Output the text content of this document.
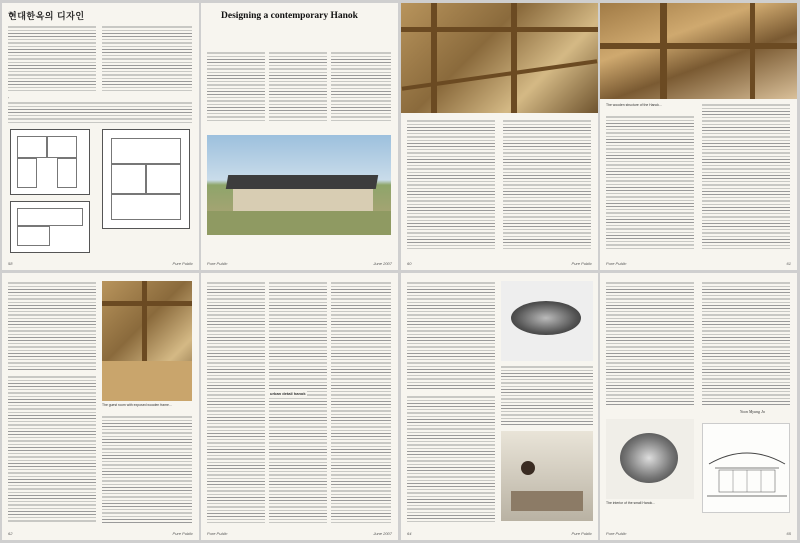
현대한옥의 디자인
·
58	Pure Public
Designing a contemporary Hanok
Pure Public	June 2007	60	Pure Public
The wooden structure of the Hanok...
Pure Public	61
The guest room with exposed wooden frame...
62	Pure Public
urban detail hanok
Pure Public	June 2007	64	Pure Public
Yoon Myung Ja
The interior of the small Hanok...
Pure Public	65
